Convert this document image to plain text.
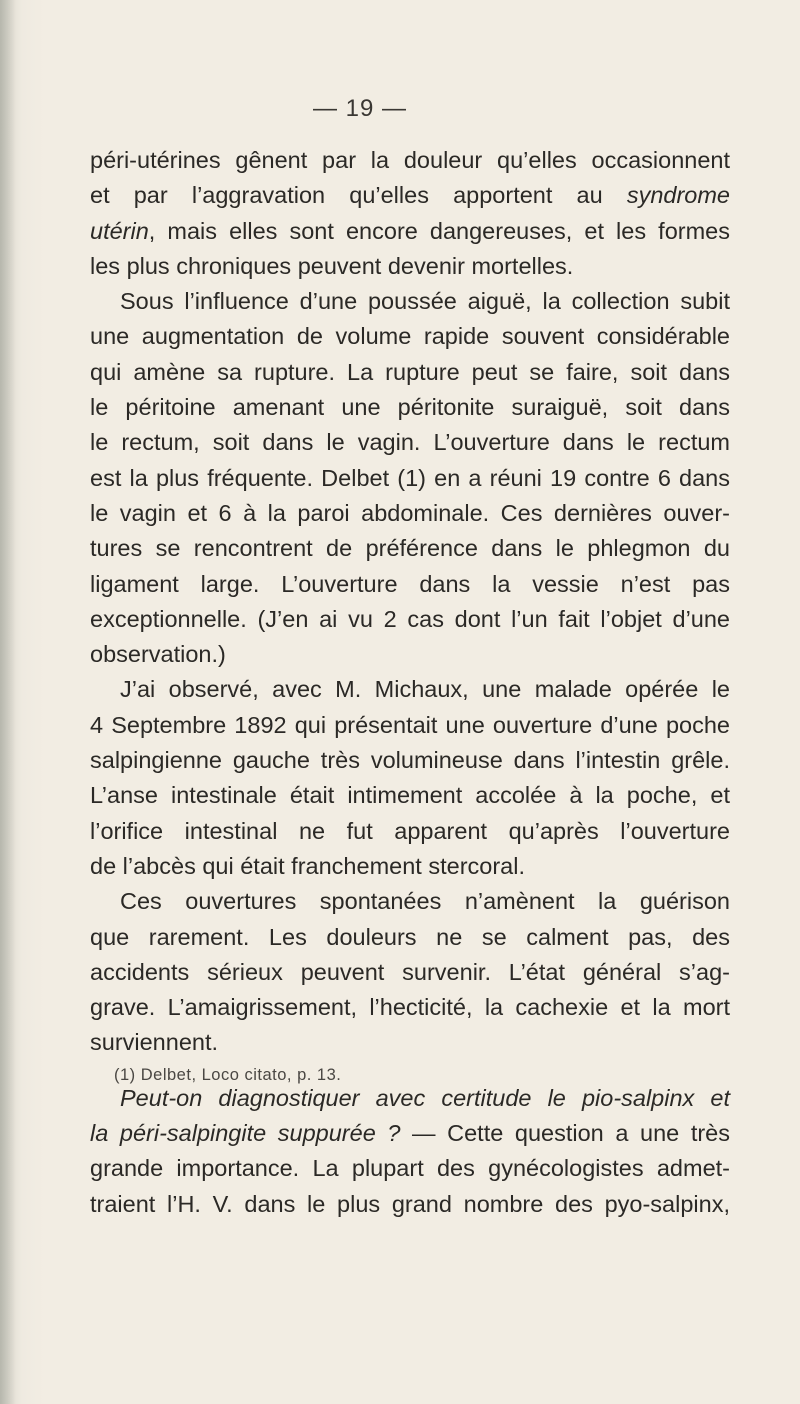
— 19 —
péri-utérines gênent par la douleur qu’elles occasionnent
et par l’aggravation qu’elles apportent au syndrome
utérin, mais elles sont encore dangereuses, et les formes
les plus chroniques peuvent devenir mortelles.
Sous l’influence d’une poussée aiguë, la collection subit
une augmentation de volume rapide souvent considérable
qui amène sa rupture. La rupture peut se faire, soit dans
le péritoine amenant une péritonite suraiguë, soit dans
le rectum, soit dans le vagin. L’ouverture dans le rectum
est la plus fréquente. Delbet (1) en a réuni 19 contre 6 dans
le vagin et 6 à la paroi abdominale. Ces dernières ouver-
tures se rencontrent de préférence dans le phlegmon du
ligament large. L’ouverture dans la vessie n’est pas
exceptionnelle. (J’en ai vu 2 cas dont l’un fait l’objet d’une
observation.)
J’ai observé, avec M. Michaux, une malade opérée le
4 Septembre 1892 qui présentait une ouverture d’une poche
salpingienne gauche très volumineuse dans l’intestin grêle.
L’anse intestinale était intimement accolée à la poche, et
l’orifice intestinal ne fut apparent qu’après l’ouverture
de l’abcès qui était franchement stercoral.
Ces ouvertures spontanées n’amènent la guérison
que rarement. Les douleurs ne se calment pas, des
accidents sérieux peuvent survenir. L’état général s’ag-
grave. L’amaigrissement, l’hecticité, la cachexie et la mort
surviennent.
Peut-on diagnostiquer avec certitude le pio-salpinx et
la péri-salpingite suppurée ? — Cette question a une très
grande importance. La plupart des gynécologistes admet-
traient l’H. V. dans le plus grand nombre des pyo-salpinx,
(1) Delbet, Loco citato, p. 13.
